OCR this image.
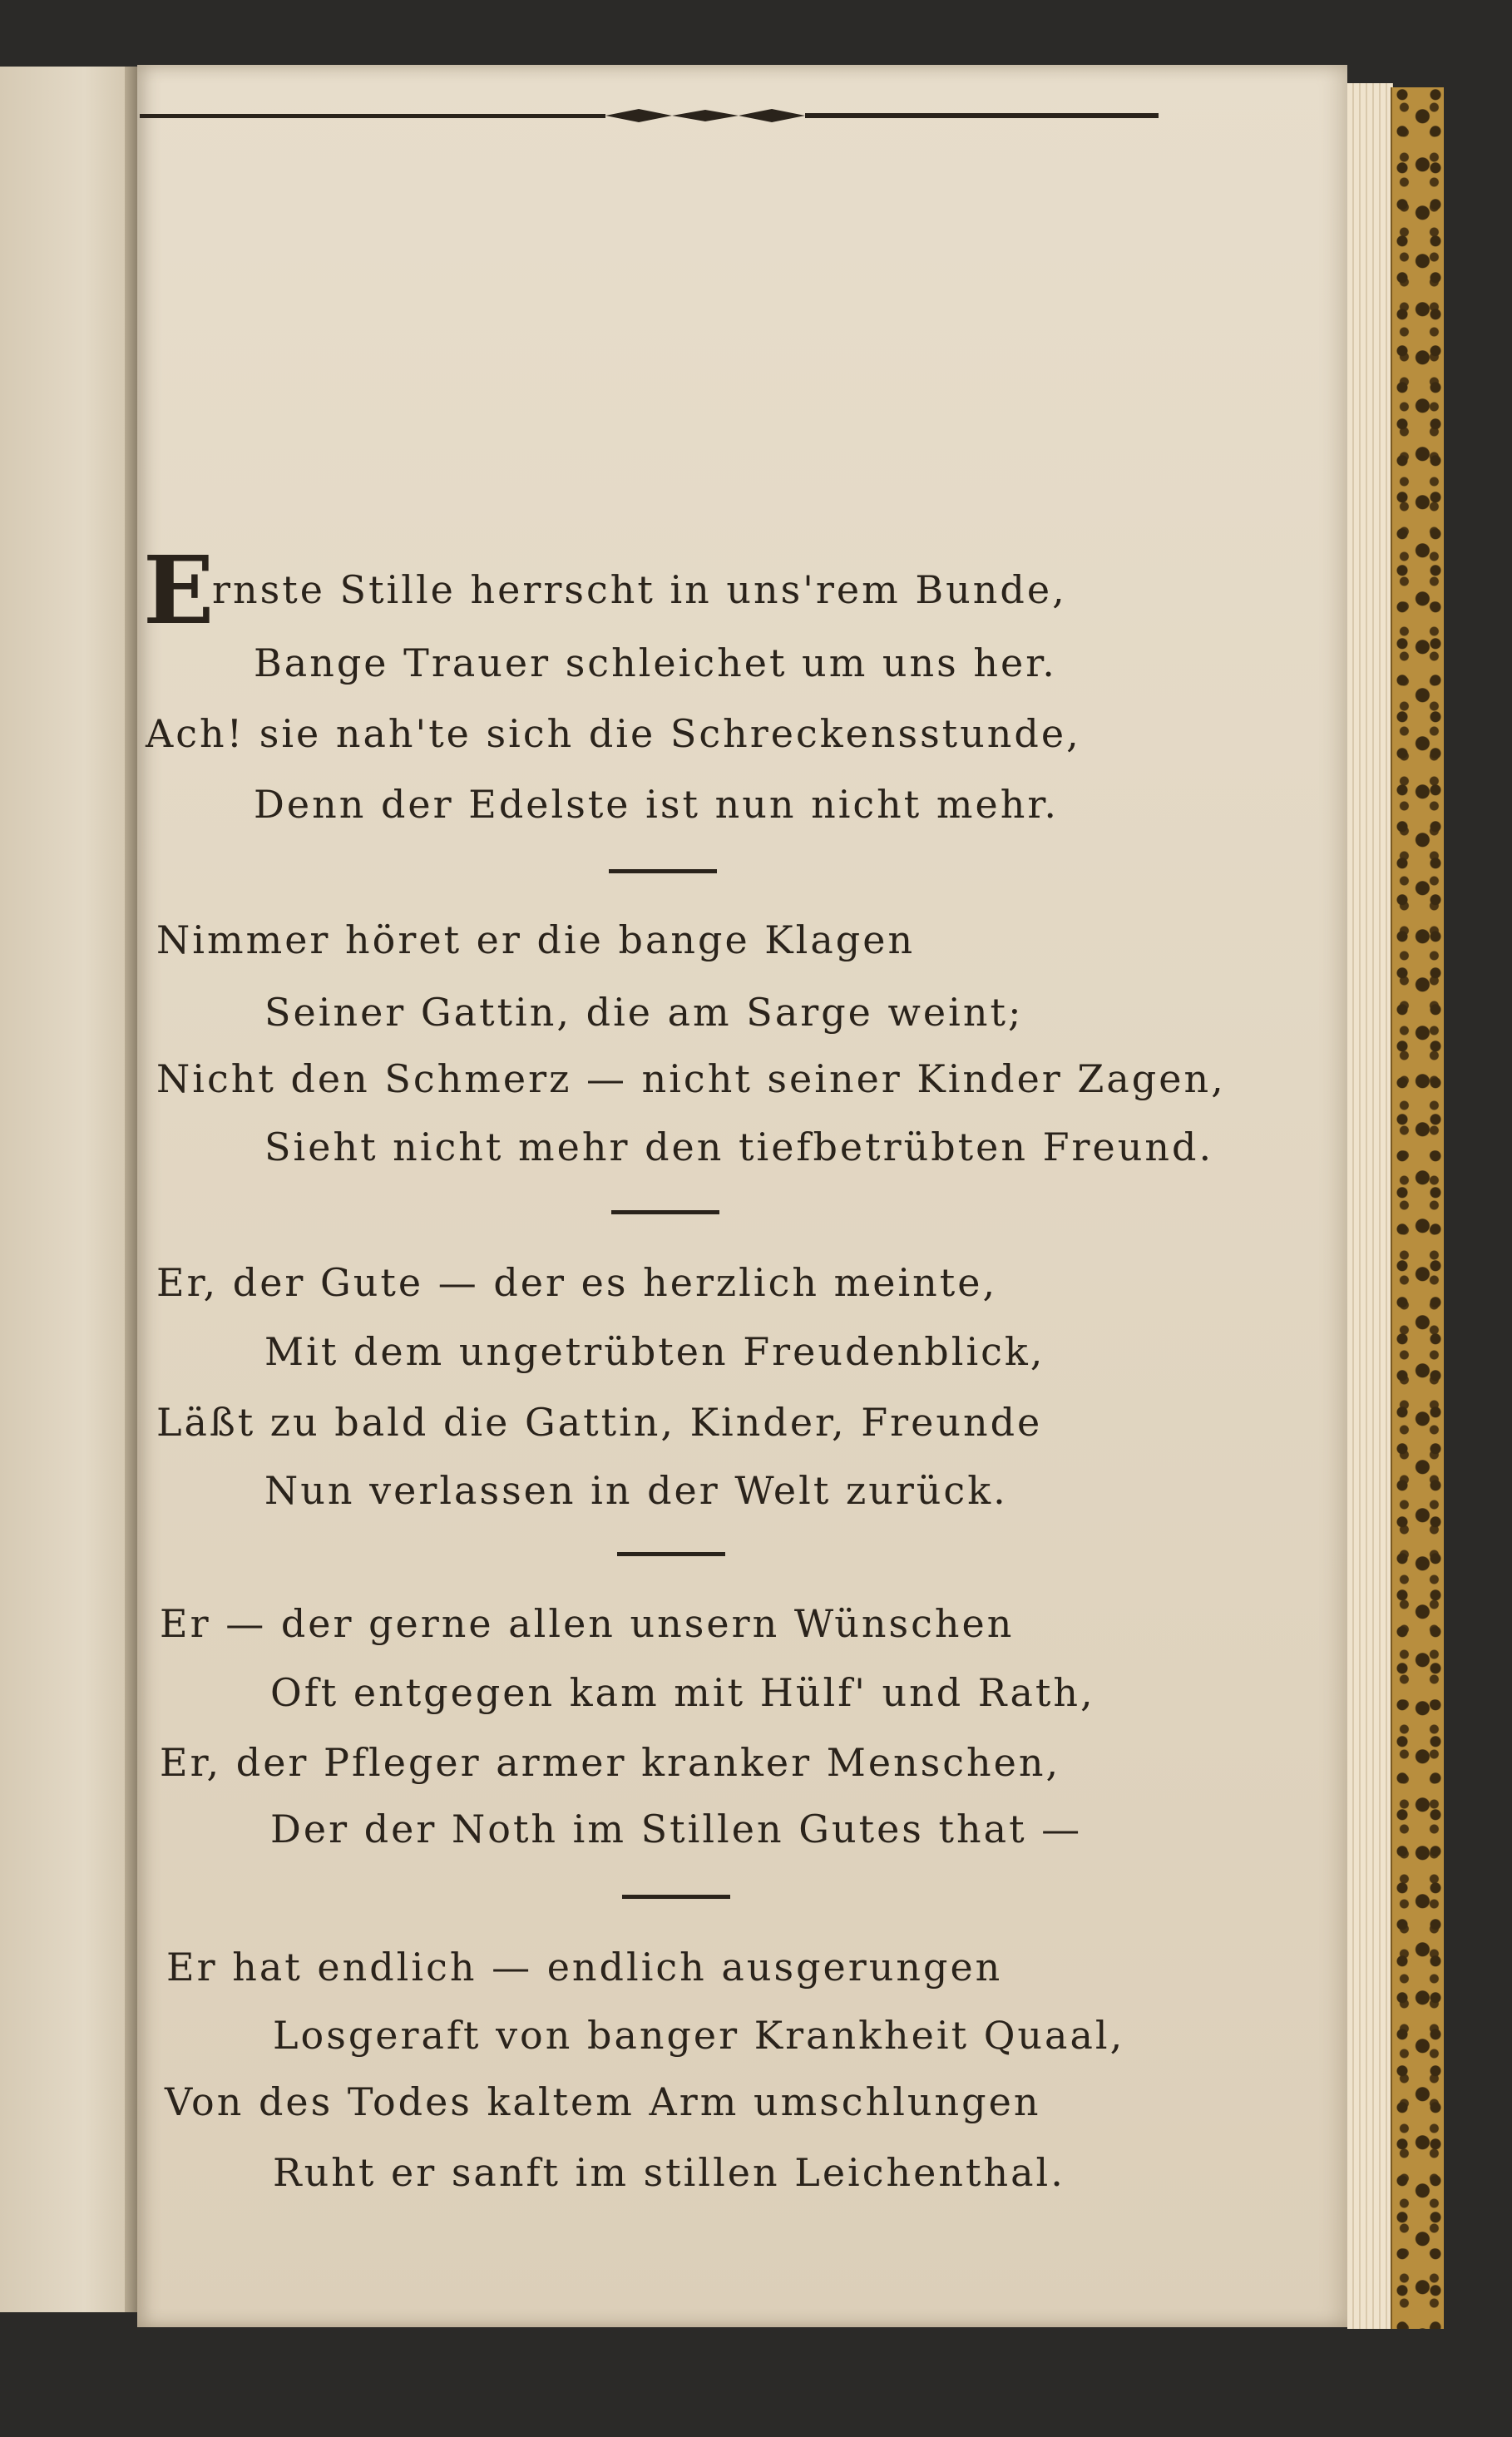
E
rnste Stille herrscht in uns'rem Bunde,
Bange Trauer schleichet um uns her.
Ach! sie nah'te sich die Schreckensstunde,
Denn der Edelste ist nun nicht mehr.
Nimmer höret er die bange Klagen
Seiner Gattin, die am Sarge weint;
Nicht den Schmerz — nicht seiner Kinder Zagen,
Sieht nicht mehr den tiefbetrübten Freund.
Er, der Gute — der es herzlich meinte,
Mit dem ungetrübten Freudenblick,
Läßt zu bald die Gattin, Kinder, Freunde
Nun verlassen in der Welt zurück.
Er — der gerne allen unsern Wünschen
Oft entgegen kam mit Hülf' und Rath,
Er, der Pfleger armer kranker Menschen,
Der der Noth im Stillen Gutes that —
Er hat endlich — endlich ausgerungen
Losgeraft von banger Krankheit Quaal,
Von des Todes kaltem Arm umschlungen
Ruht er sanft im stillen Leichenthal.
